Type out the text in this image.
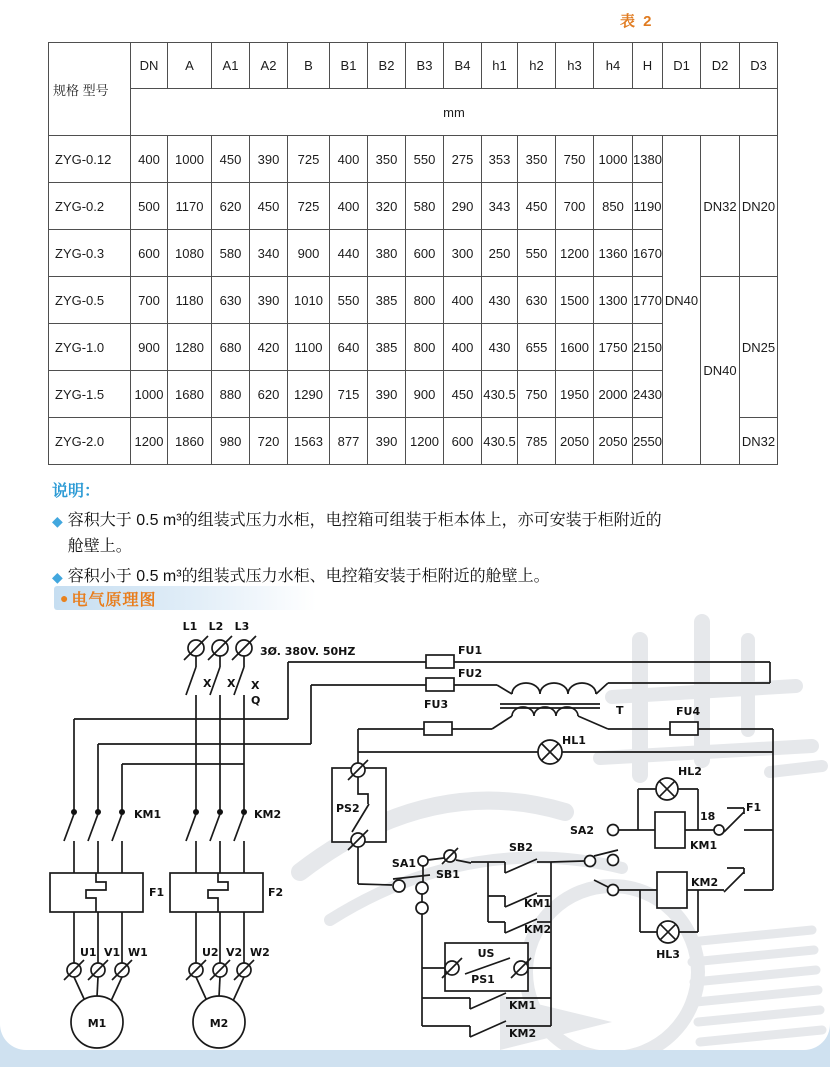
表 2
规格 型号	DN	A	A1	A2	B	B1	B2	B3	B4	h1	h2	h3	h4	H	D1	D2	D3
	mm																
ZYG-0.12	400	1000	450	390	725	400	350	550	275	353	350	750	1000	1380	DN40	DN32	DN20
ZYG-0.2	500	1170	620	450	725	400	320	580	290	343	450	700	850	1190			
ZYG-0.3	600	1080	580	340	900	440	380	600	300	250	550	1200	1360	1670			
ZYG-0.5	700	1180	630	390	1010	550	385	800	400	430	630	1500	1300	1770		DN40	DN25
ZYG-1.0	900	1280	680	420	1100	640	385	800	400	430	655	1600	1750	2150			
ZYG-1.5	1000	1680	880	620	1290	715	390	900	450	430.5	750	1950	2000	2430			
ZYG-2.0	1200	1860	980	720	1563	877	390	1200	600	430.5	785	2050	2050	2550			DN32
说明：
◆ 容积大于 0.5 m³的组装式压力水柜，电控箱可组装于柜本体上，亦可安装于柜附近的舱壁上。
◆ 容积小于 0.5 m³的组装式压力水柜、电控箱安装于柜附近的舱壁上。
● 电气原理图
L1 L2 L3
3Ø. 380V. 50HZ
X X X
Q
KM1	KM2
F1	F2
U1 V1 W1	U2 V2 W2
M1	M2
FU1
FU2
T
FU3
FU4
HL1
PS2
SB1
SA1
SB2
KM1
KM2
SA2
HL2
KM1
18
F1
KM2
HL3
US
PS1
KM1
KM2
